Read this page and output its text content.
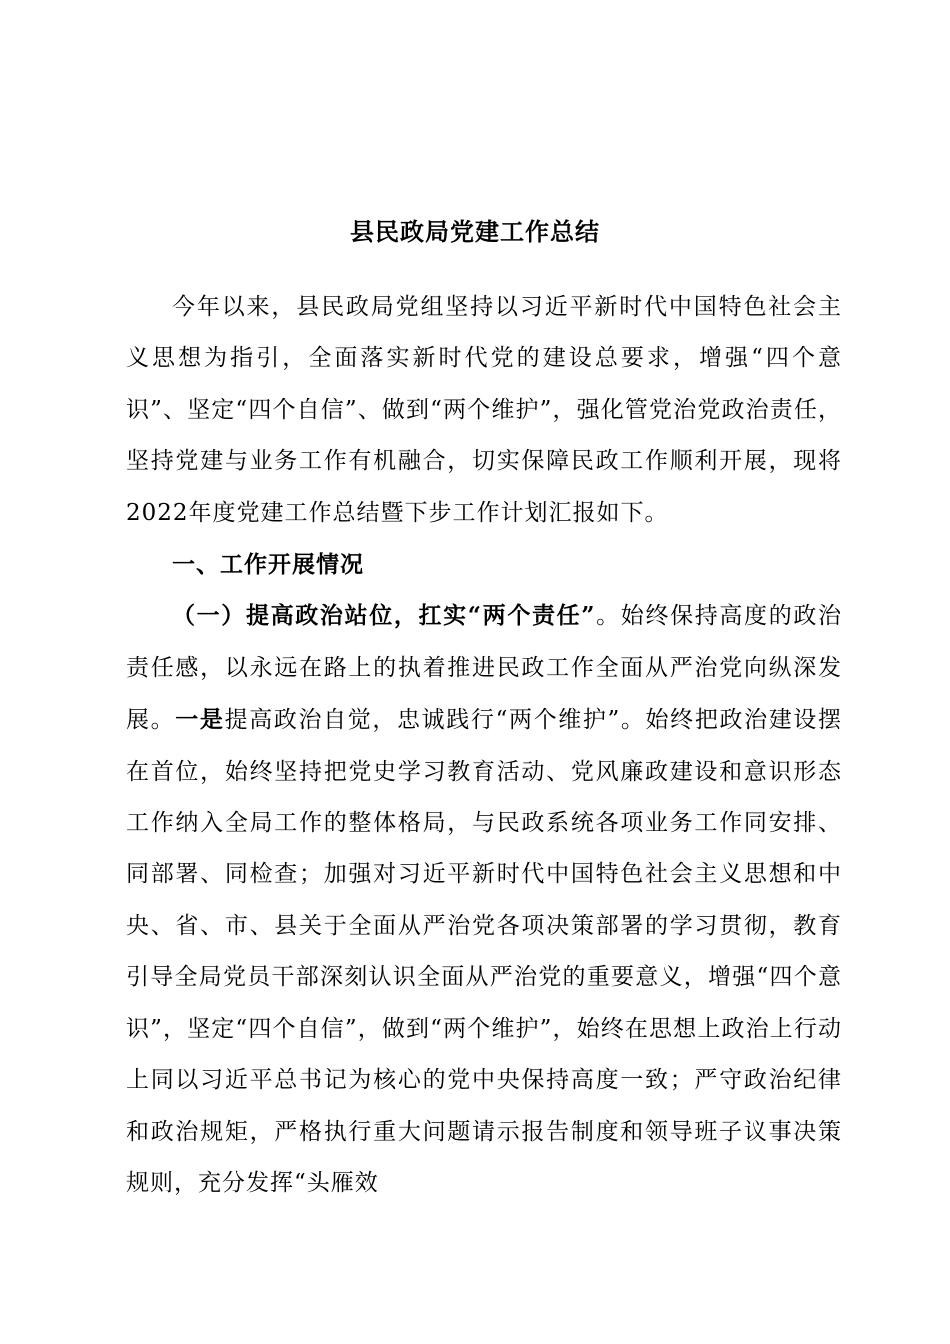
县民政局党建工作总结

今年以来，县民政局党组坚持以习近平新时代中国特色社会主义思想为指引，全面落实新时代党的建设总要求，增强“四个意识”、坚定“四个自信”、做到“两个维护”，强化管党治党政治责任，坚持党建与业务工作有机融合，切实保障民政工作顺利开展，现将2022年度党建工作总结暨下步工作计划汇报如下。

一、工作开展情况

（一）提高政治站位，扛实“两个责任”。始终保持高度的政治责任感，以永远在路上的执着推进民政工作全面从严治党向纵深发展。一是提高政治自觉，忠诚践行“两个维护”。始终把政治建设摆在首位，始终坚持把党史学习教育活动、党风廉政建设和意识形态工作纳入全局工作的整体格局，与民政系统各项业务工作同安排、同部署、同检查；加强对习近平新时代中国特色社会主义思想和中央、省、市、县关于全面从严治党各项决策部署的学习贯彻，教育引导全局党员干部深刻认识全面从严治党的重要意义，增强“四个意识”，坚定“四个自信”，做到“两个维护”，始终在思想上政治上行动上同以习近平总书记为核心的党中央保持高度一致；严守政治纪律和政治规矩，严格执行重大问题请示报告制度和领导班子议事决策规则，充分发挥“头雁效
